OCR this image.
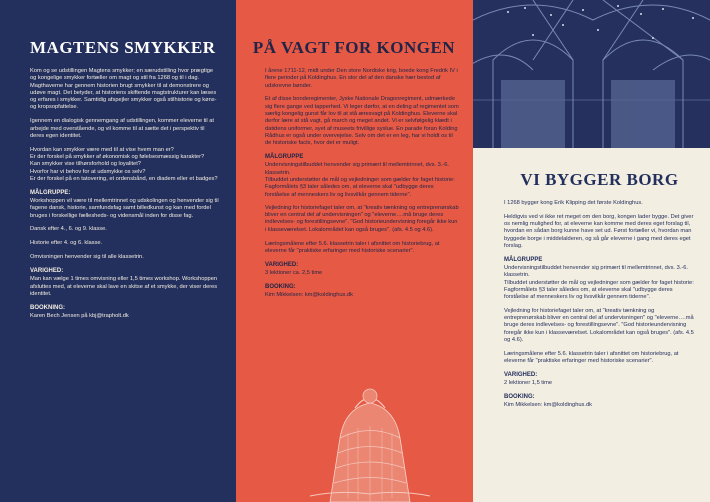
MAGTENS SMYKKER

Kom og se udstillingen Magtens smykker; en særudstilling hvor prægtige og kongelige smykker fortæller om magt og stil fra 1268 og til i dag.
Magthaverne har gennem historien brugt smykker til at demonstrere og udøve magt. Det betyder, at historiens skiftende magtstrukturer kan læses og erfares i smykker. Samtidig afspejler smykker også stilhistorie og køns- og kropsopfattelse.

Igennem en dialogisk gennemgang af udstillingen, kommer eleverne til at arbejde med overstående, og vil komme til at sætte det i perspektiv til deres egen identitet.

Hvordan kan smykker være med til at vise hvem man er?
Er der forskel på smykker af økonomisk og følelsesmæssig karakter?
Kan smykker vise tilhørsforhold og loyalitet?
Hvorfor har vi behov for at udsmykke os selv?
Er der forskel på en tatovering, et ordensbånd, en diadem eller et badges?

MÅLGRUPPE:

Workshoppen vil være til mellemtrinnet og udskolingen og henvender sig til fagene dansk, historie, samfundsfag samt billedkunst og kan med fordel bruges i forskellige fællesheds- og vidensmål inden for disse fag.

Dansk efter 4., 6. og 9. klasse.

Historie efter 4. og 6. klasse.

Omvisningen henvender sig til alle klassetrin.

VARIGHED:

Man kan vælge 1 times omvisning eller 1,5 times workshop. Workshoppen afsluttes med, at eleverne skal lave en skitse af et smykke, der viser deres identitet.

BOOKNING:

Karen Bech Jensen på kbj@trapholt.dk

PÅ VAGT FOR KONGEN

I årene 1711-12, midt under Den store Nordiske krig, boede kong Fredrik IV i flere perioder på Koldinghus. En stor del af den danske hær bestod af udskrevne bønder.

Et af disse bonderegimenter, Jyske Nationale Dragonregiment, udmærkede sig flere gange ved tapperhed. Vi leger dørfor, at en deling af regimentet som særlig kongelig gunst får lov til at stå æresvagt på Koldinghus. Eleverne skal derfor lære at stå vagt, gå march og meget andet. Vi er selvfølgelig klædt i datidens uniformer, syet af museets frivillige syslue. En parade foran Kolding Rådhus er også under overvejelse. Selv om det er en leg, har vi holdt os til de historiske facts, hvor det er muligt.

MÅLGRUPPE

Undervisningstilbuddet henvender sig primært til mellemtrinnet, dvs. 3.-6. klassetrin.
Tilbuddet understøtter de mål og vejledninger som gælder for faget historie:
Fagformålets §3 taler således om, at eleverne skal "udbygge deres forståelse af menneskers liv og livsvilkår gennem tiderne".

Vejledning for historiefaget taler om, at "kreativ tænkning og entreprenørskab bliver en central del af undervisningen" og "eleverne….må bruge deres indlevelses- og forestillingsevne". "God historieundervisning foregår ikke kun i klasseværelset. Lokalområdet kan også bruges". (afs. 4.5 og 4.6).

Læringsmålene efter 5.6. klassetrin taler i afsnittet om historiebrug, at eleverne får "praktiske erfaringer med historiske scenarier".

VARIGHED:

3 lektioner ca. 2,5 time

BOOKING:

Kim Mikkelsen: km@koldinghus.dk

VI BYGGER BORG

I 1268 bygger kong Erik Klipping det første Koldinghus.

Heldigvis ved vi ikke ret meget om den borg, kongen lader bygge. Det giver os nemlig mulighed for, at eleverne kan komme med deres eget forslag til, hvordan en sådan borg kunne have set ud. Først fortæller vi, hvordan man byggede borge i middelalderen, og så går eleverne i gang med deres eget forslag.

MÅLGRUPPE

Undervisningstilbuddet henvender sig primært til mellemtrinnet, dvs. 3.-6. klassetrin.
Tilbuddet understøtter de mål og vejledninger som gælder for faget historie:
Fagformålets §3 taler således om, at eleverne skal "udbygge deres forståelse af menneskers liv og livsvilkår gennem tiderne".

Vejledning for historiefaget taler om, at "kreativ tænkning og entreprenørskab bliver en central del af undervisningen" og "eleverne….må bruge deres indlevelses- og forestillingsevne". "God historieundervisning foregår ikke kun i klasseværelset. Lokalområdet kan også bruges". (afs. 4.5 og 4.6).

Læringsmålene efter 5.6. klassetrin taler i afsnittet om historiebrug, at eleverne får "praktiske erfaringer med historiske scenarier".

VARIGHED:

2 lektioner 1,5 time

BOOKING:

Kim Mikkelsen: km@koldinghus.dk
